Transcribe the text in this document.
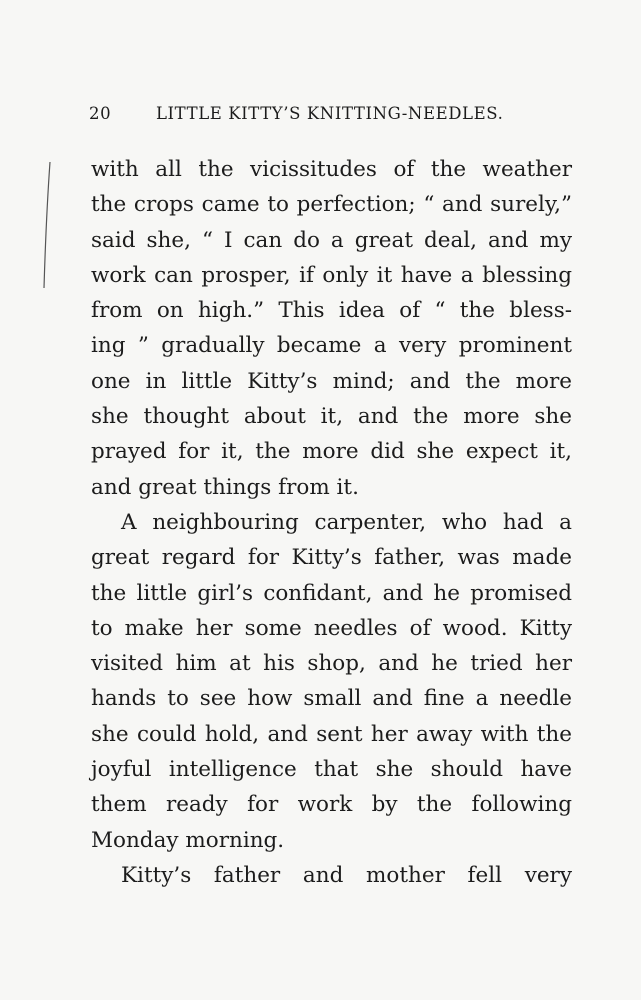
20	LITTLE KITTY’S KNITTING-NEEDLES.
with all the vicissitudes of the weather
the crops came to perfection; “ and surely,”
said she, “ I can do a great deal, and my
work can prosper, if only it have a blessing
from on high.” This idea of “ the bless-
ing ” gradually became a very prominent
one in little Kitty’s mind; and the more
she thought about it, and the more she
prayed for it, the more did she expect it,
and great things from it.
A neighbouring carpenter, who had a
great regard for Kitty’s father, was made
the little girl’s confidant, and he promised
to make her some needles of wood. Kitty
visited him at his shop, and he tried her
hands to see how small and fine a needle
she could hold, and sent her away with the
joyful intelligence that she should have
them ready for work by the following
Monday morning.
Kitty’s father and mother fell very
